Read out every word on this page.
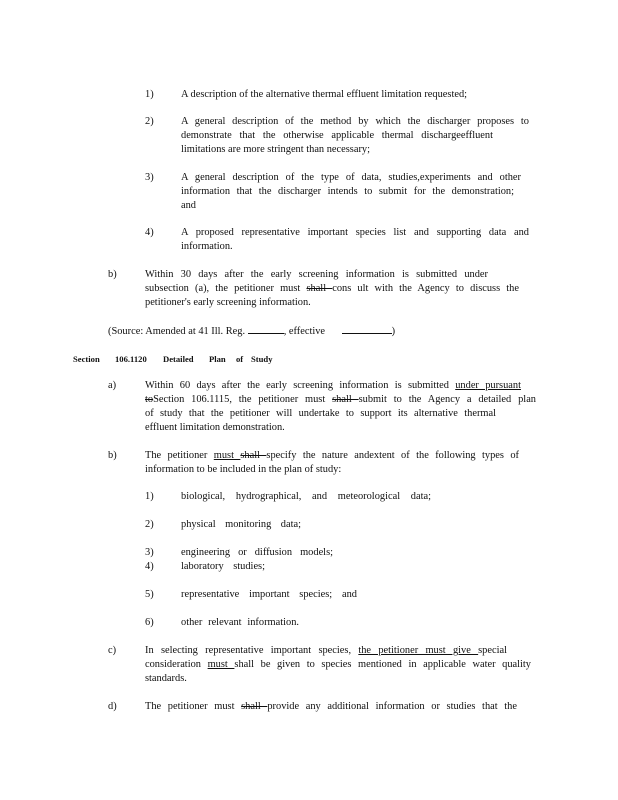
1)	A description of the alternative thermal effluent limitation requested;
2)	A general description of the method by which the discharger proposes to
demonstrate that the otherwise applicable thermal dischargeeffluent
limitations are more stringent than necessary;
3)	A general description of the type of data, studies,experiments and other
information that the discharger intends to submit for the demonstration;
and
4)	A proposed representative important species list and supporting data and
information.
b)	Within 30 days after the early screening information is submitted under
subsection (a), the petitioner must shall cons ult with the Agency to discuss the
petitioner's early screening information.
(Source: Amended at 41 Ill. Reg.	, effective	)
Section 106.1120 Detailed Plan of Study
a)	Within 60 days after the early screening information is submitted under pursuant
toSection 106.1115, the petitioner must shall submit to the Agency a detailed plan
of study that the petitioner will undertake to support its alternative thermal
effluent limitation demonstration.
b)	The petitioner must shall specify the nature andextent of the following types of
information to be included in the plan of study:
1)	biological, hydrographical, and meteorological data;
2)	physical monitoring data;
3)	engineering or diffusion models;
4)	laboratory studies;
5)	representative important species; and
6)	other relevant information.
c)	In selecting representative important species, the petitioner must give special
consideration must shall be given to species mentioned in applicable water quality
standards.
d)	The petitioner must shall provide any additional information or studies that the
